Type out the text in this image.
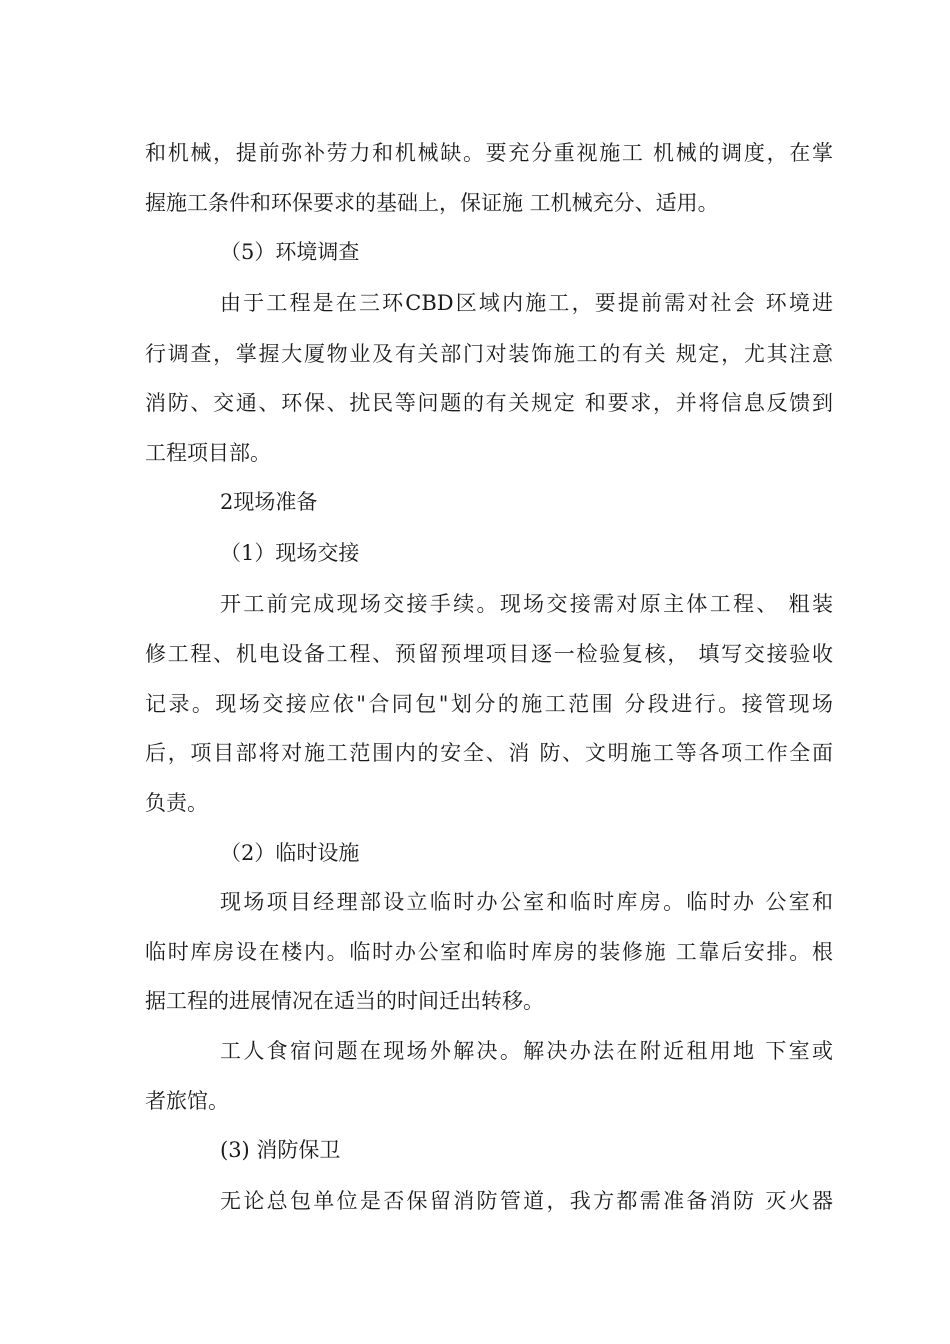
和机械，提前弥补劳力和机械缺。要充分重视施工 机械的调度，在掌
握施工条件和环保要求的基础上，保证施 工机械充分、适用。
（5）环境调查
由于工程是在三环CBD区域内施工，要提前需对社会 环境进
行调查，掌握大厦物业及有关部门对装饰施工的有关 规定，尤其注意
消防、交通、环保、扰民等问题的有关规定 和要求，并将信息反馈到
工程项目部。
2现场准备
（1）现场交接
开工前完成现场交接手续。现场交接需对原主体工程、 粗装
修工程、机电设备工程、预留预埋项目逐一检验复核， 填写交接验收
记录。现场交接应依"合同包"划分的施工范围 分段进行。接管现场
后，项目部将对施工范围内的安全、消 防、文明施工等各项工作全面
负责。
（2）临时设施
现场项目经理部设立临时办公室和临时库房。临时办 公室和
临时库房设在楼内。临时办公室和临时库房的装修施 工靠后安排。根
据工程的进展情况在适当的时间迁出转移。
工人食宿问题在现场外解决。解决办法在附近租用地 下室或
者旅馆。
(3) 消防保卫
无论总包单位是否保留消防管道，我方都需准备消防 灭火器
